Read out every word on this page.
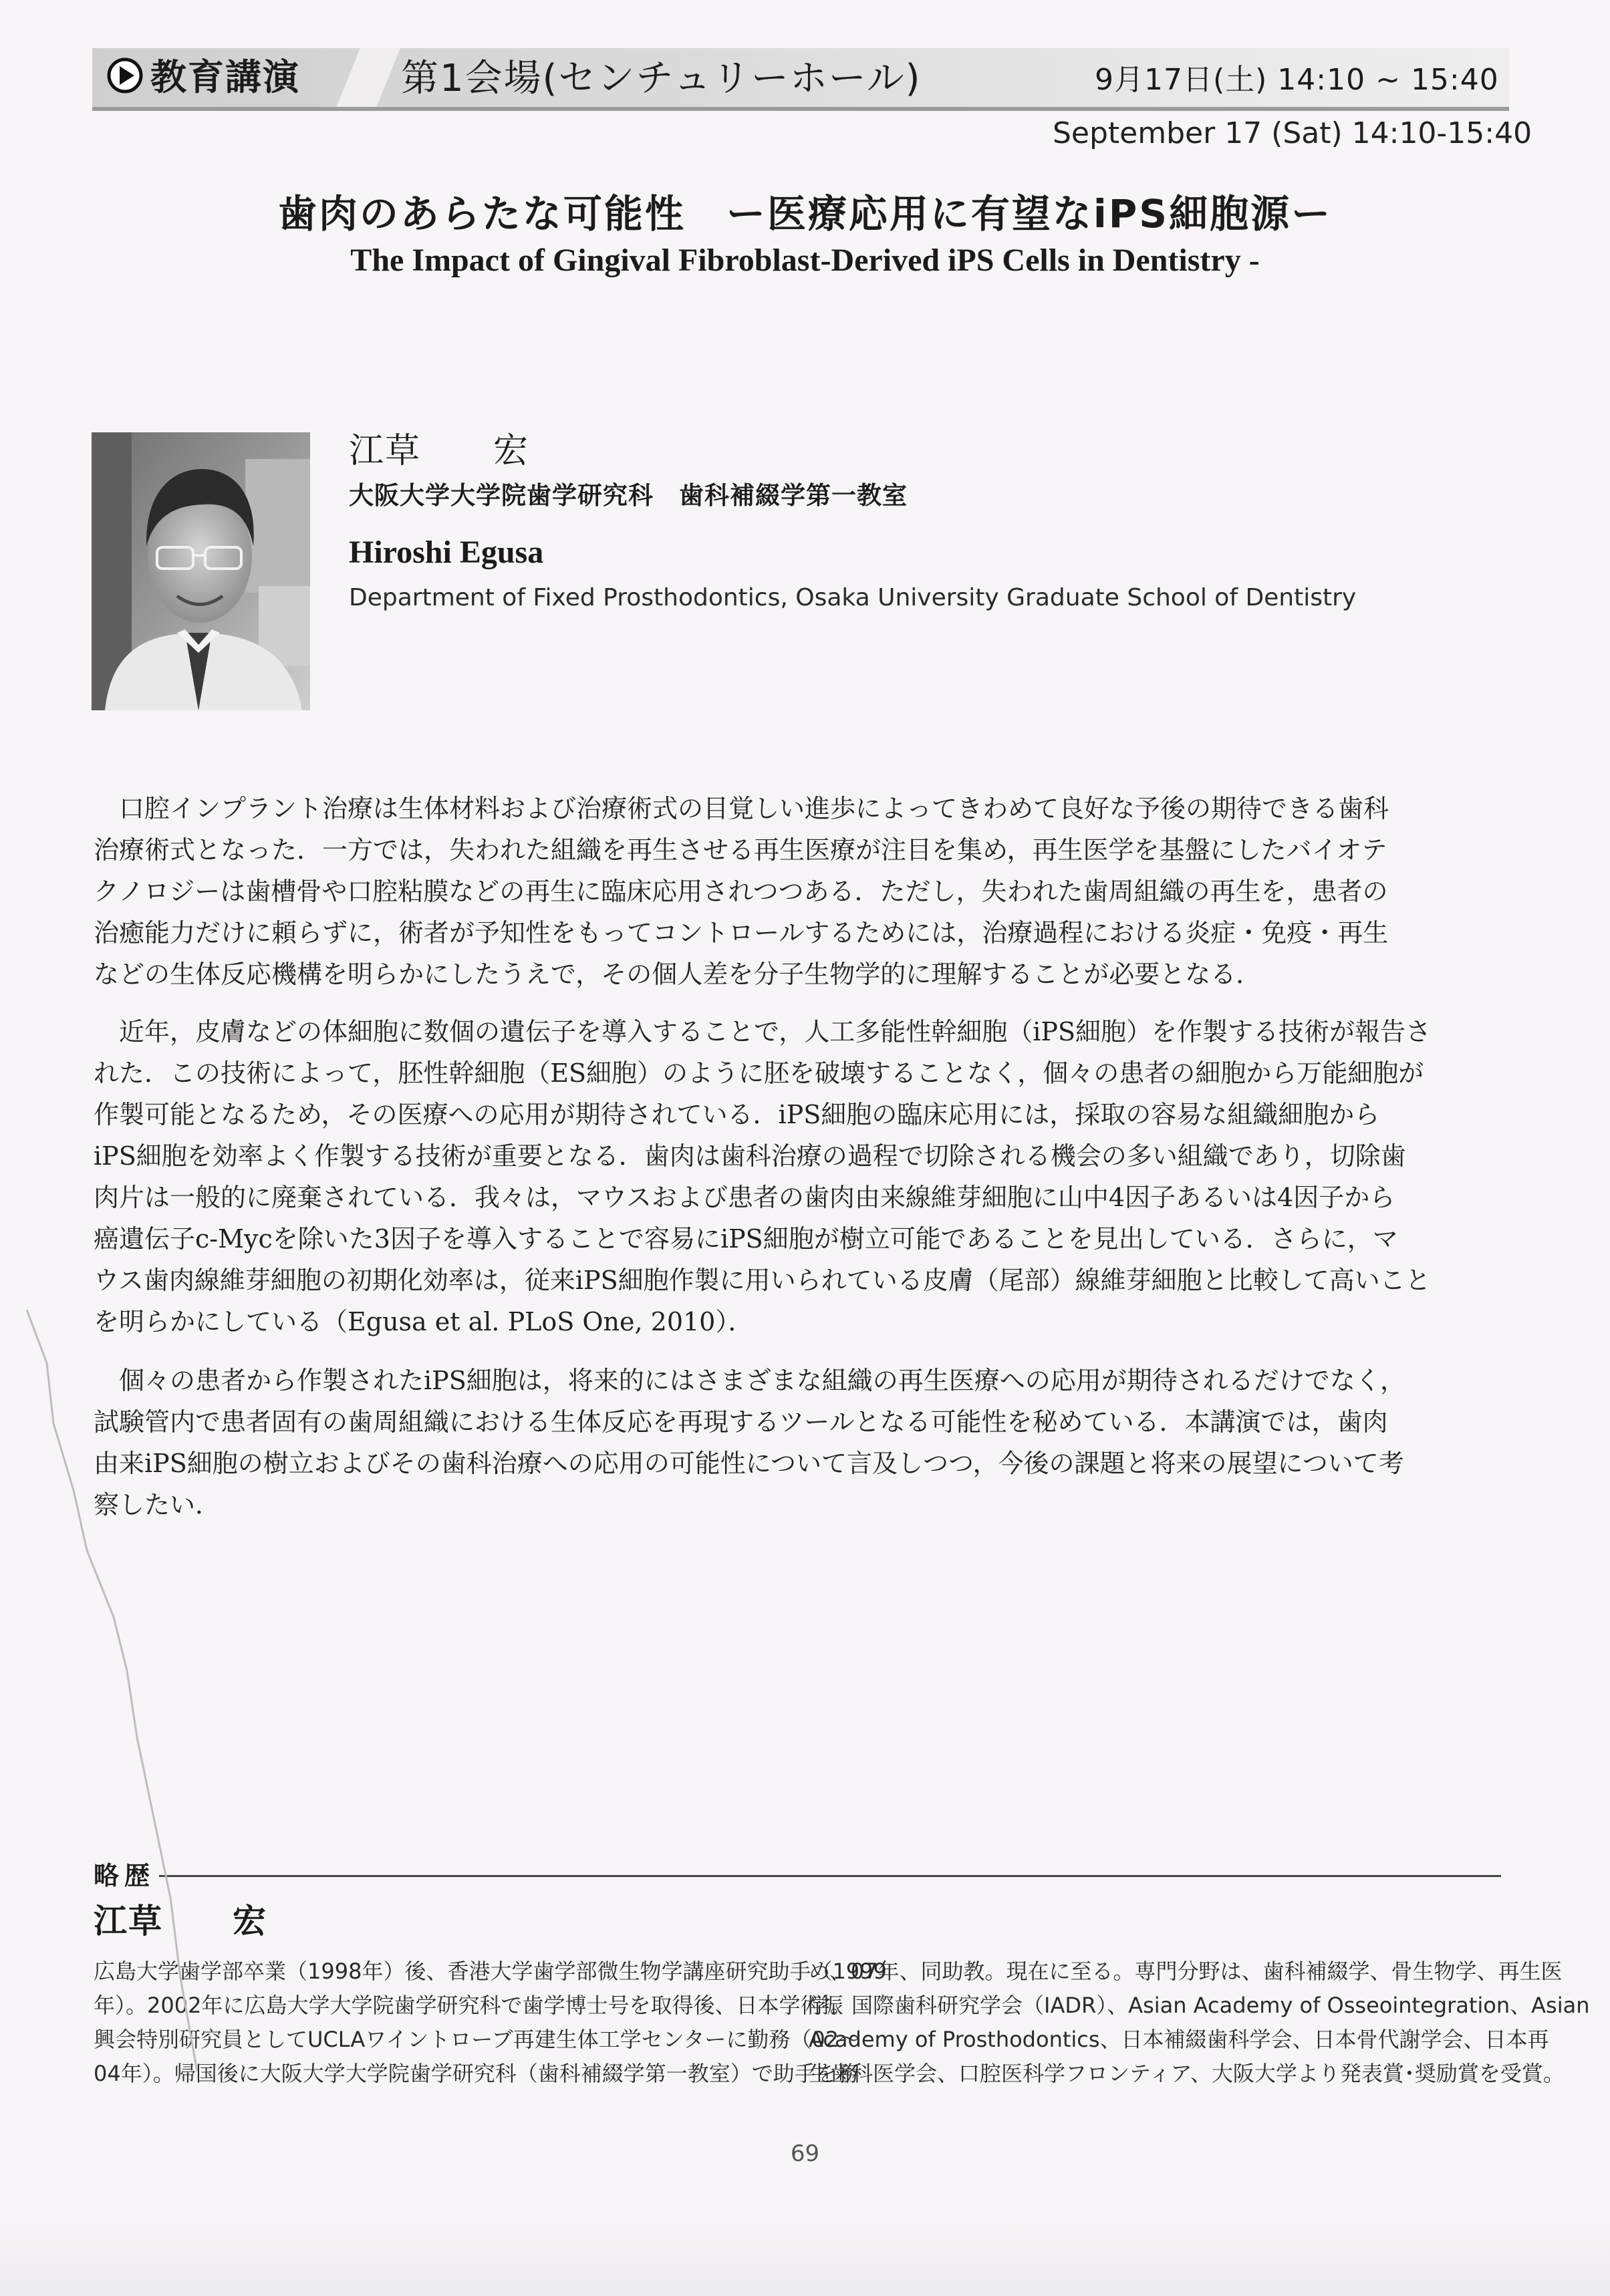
教育講演	第1会場(センチュリーホール)	9月17日(土) 14:10 ~ 15:40
September 17 (Sat) 14:10-15:40
歯肉のあらたな可能性　ー医療応用に有望なiPS細胞源ー
The Impact of Gingival Fibroblast-Derived iPS Cells in Dentistry -
江草　　宏
大阪大学大学院歯学研究科　歯科補綴学第一教室
Hiroshi Egusa
Department of Fixed Prosthodontics, Osaka University Graduate School of Dentistry
　口腔インプラント治療は生体材料および治療術式の目覚しい進歩によってきわめて良好な予後の期待できる歯科
治療術式となった．一方では，失われた組織を再生させる再生医療が注目を集め，再生医学を基盤にしたバイオテ
クノロジーは歯槽骨や口腔粘膜などの再生に臨床応用されつつある．ただし，失われた歯周組織の再生を，患者の
治癒能力だけに頼らずに，術者が予知性をもってコントロールするためには，治療過程における炎症・免疫・再生
などの生体反応機構を明らかにしたうえで，その個人差を分子生物学的に理解することが必要となる．
　近年，皮膚などの体細胞に数個の遺伝子を導入することで，人工多能性幹細胞（iPS細胞）を作製する技術が報告さ
れた．この技術によって，胚性幹細胞（ES細胞）のように胚を破壊することなく，個々の患者の細胞から万能細胞が
作製可能となるため，その医療への応用が期待されている．iPS細胞の臨床応用には，採取の容易な組織細胞から
iPS細胞を効率よく作製する技術が重要となる．歯肉は歯科治療の過程で切除される機会の多い組織であり，切除歯
肉片は一般的に廃棄されている．我々は，マウスおよび患者の歯肉由来線維芽細胞に山中4因子あるいは4因子から
癌遺伝子c-Mycを除いた3因子を導入することで容易にiPS細胞が樹立可能であることを見出している．さらに，マ
ウス歯肉線維芽細胞の初期化効率は，従来iPS細胞作製に用いられている皮膚（尾部）線維芽細胞と比較して高いこと
を明らかにしている（Egusa et al. PLoS One, 2010）．
　個々の患者から作製されたiPS細胞は，将来的にはさまざまな組織の再生医療への応用が期待されるだけでなく，
試験管内で患者固有の歯周組織における生体反応を再現するツールとなる可能性を秘めている．本講演では，歯肉
由来iPS細胞の樹立およびその歯科治療への応用の可能性について言及しつつ，今後の課題と将来の展望について考
察したい．
略歴
江草　　宏
広島大学歯学部卒業（1998年）後、香港大学歯学部微生物学講座研究助手（1999
年）。2002年に広島大学大学院歯学研究科で歯学博士号を取得後、日本学術振
興会特別研究員としてUCLAワイントローブ再建生体工学センターに勤務（02～
04年）。帰国後に大阪大学大学院歯学研究科（歯科補綴学第一教室）で助手を務
め、07年、同助教。現在に至る。専門分野は、歯科補綴学、骨生物学、再生医
学。国際歯科研究学会（IADR）、Asian Academy of Osseointegration、Asian
Academy of Prosthodontics、日本補綴歯科学会、日本骨代謝学会、日本再
生歯科医学会、口腔医科学フロンティア、大阪大学より発表賞･奨励賞を受賞。
69
